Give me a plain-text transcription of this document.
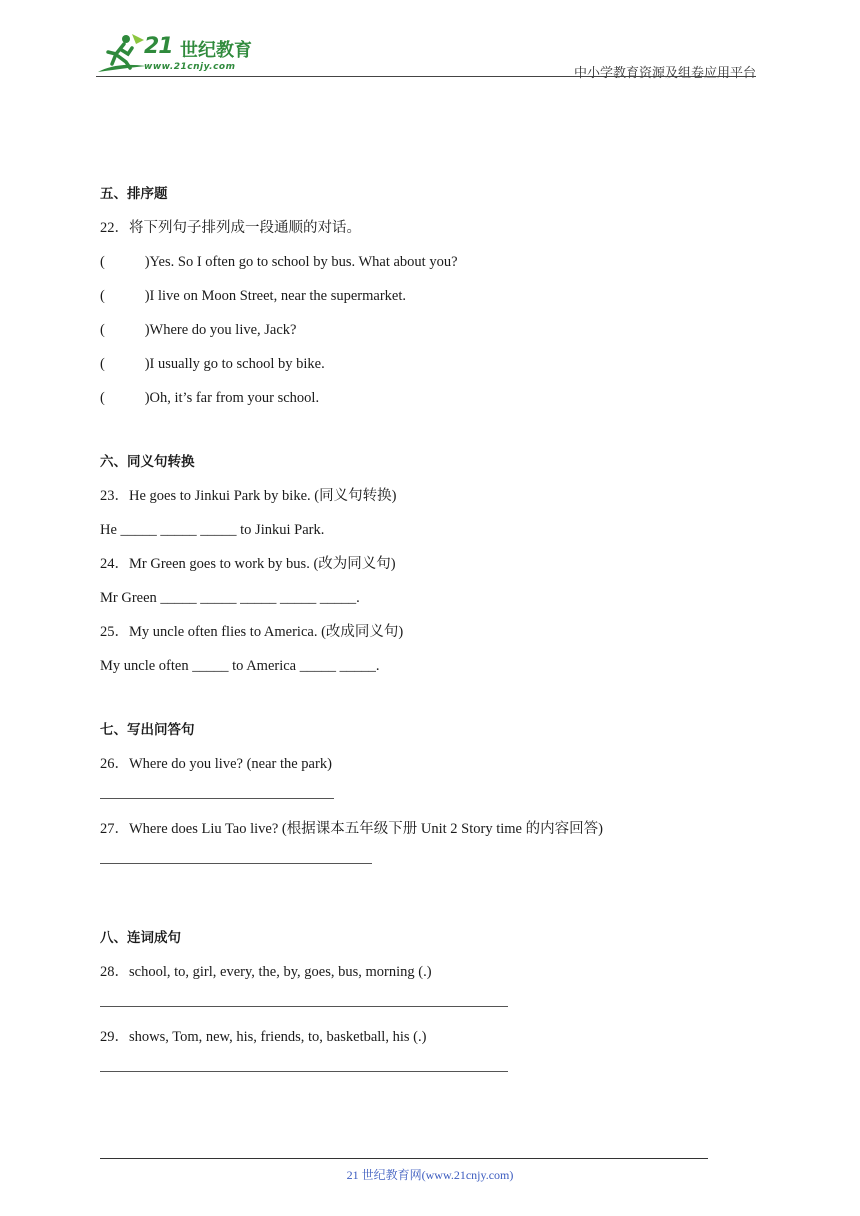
21 世纪教育
www.21cnjy.com	中小学教育资源及组卷应用平台
五、排序题
22．将下列句子排列成一段通顺的对话。
(           )Yes. So I often go to school by bus. What about you?
(           )I live on Moon Street, near the supermarket.
(           )Where do you live, Jack?
(           )I usually go to school by bike.
(           )Oh, it’s far from your school.
六、同义句转换
23．He goes to Jinkui Park by bike. (同义句转换)
He _____ _____ _____ to Jinkui Park.
24．Mr Green goes to work by bus. (改为同义句)
Mr Green _____ _____ _____ _____ _____.
25．My uncle often flies to America. (改成同义句)
My uncle often _____ to America _____ _____.
七、写出问答句
26．Where do you live? (near the park)
27．Where does Liu Tao live? (根据课本五年级下册 Unit 2 Story time 的内容回答)
八、连词成句
28．school, to, girl, every, the, by, goes, bus, morning (.)
29．shows, Tom, new, his, friends, to, basketball, his (.)
21 世纪教育网(www.21cnjy.com)
